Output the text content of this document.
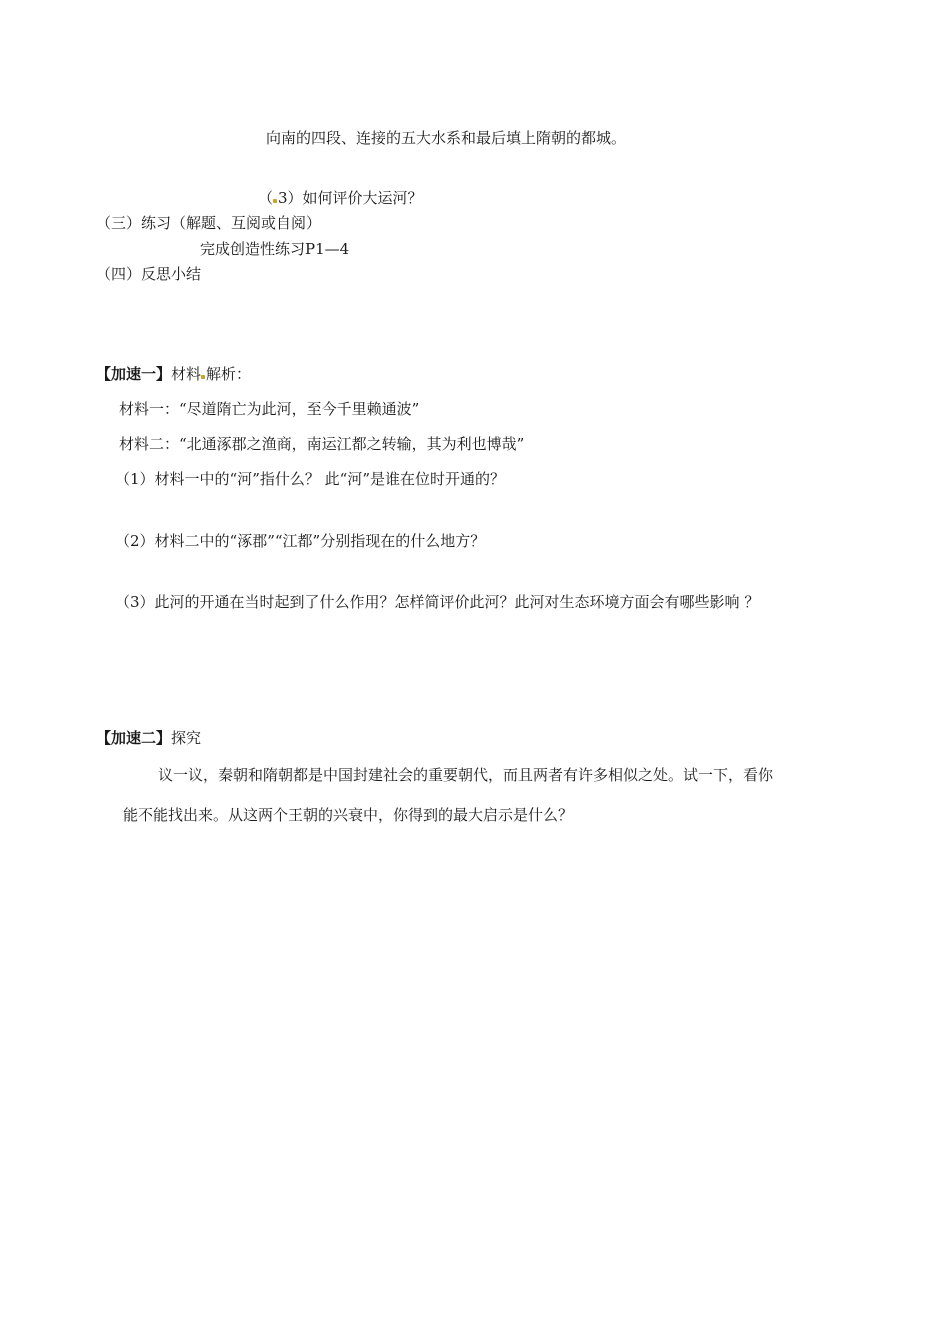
向南的四段、连接的五大水系和最后填上隋朝的都城。
（ 3）如何评价大运河？
（三）练习（解题、互阅或自阅）
完成创造性练习P1—4
（四）反思小结
【加速一】材料 解析：
材料一：“尽道隋亡为此河，至今千里赖通波”
材料二：“北通涿郡之渔商，南运江都之转输，其为利也博哉”
（1）材料一中的“河”指什么？ 此“河”是谁在位时开通的？
（2）材料二中的“涿郡”“江都”分别指现在的什么地方？
（3）此河的开通在当时起到了什么作用？怎样简评价此河？此河对生态环境方面会有哪些影响 ？
【加速二】探究
议一议，秦朝和隋朝都是中国封建社会的重要朝代，而且两者有许多相似之处。试一下，看你
能不能找出来。从这两个王朝的兴衰中，你得到的最大启示是什么？
